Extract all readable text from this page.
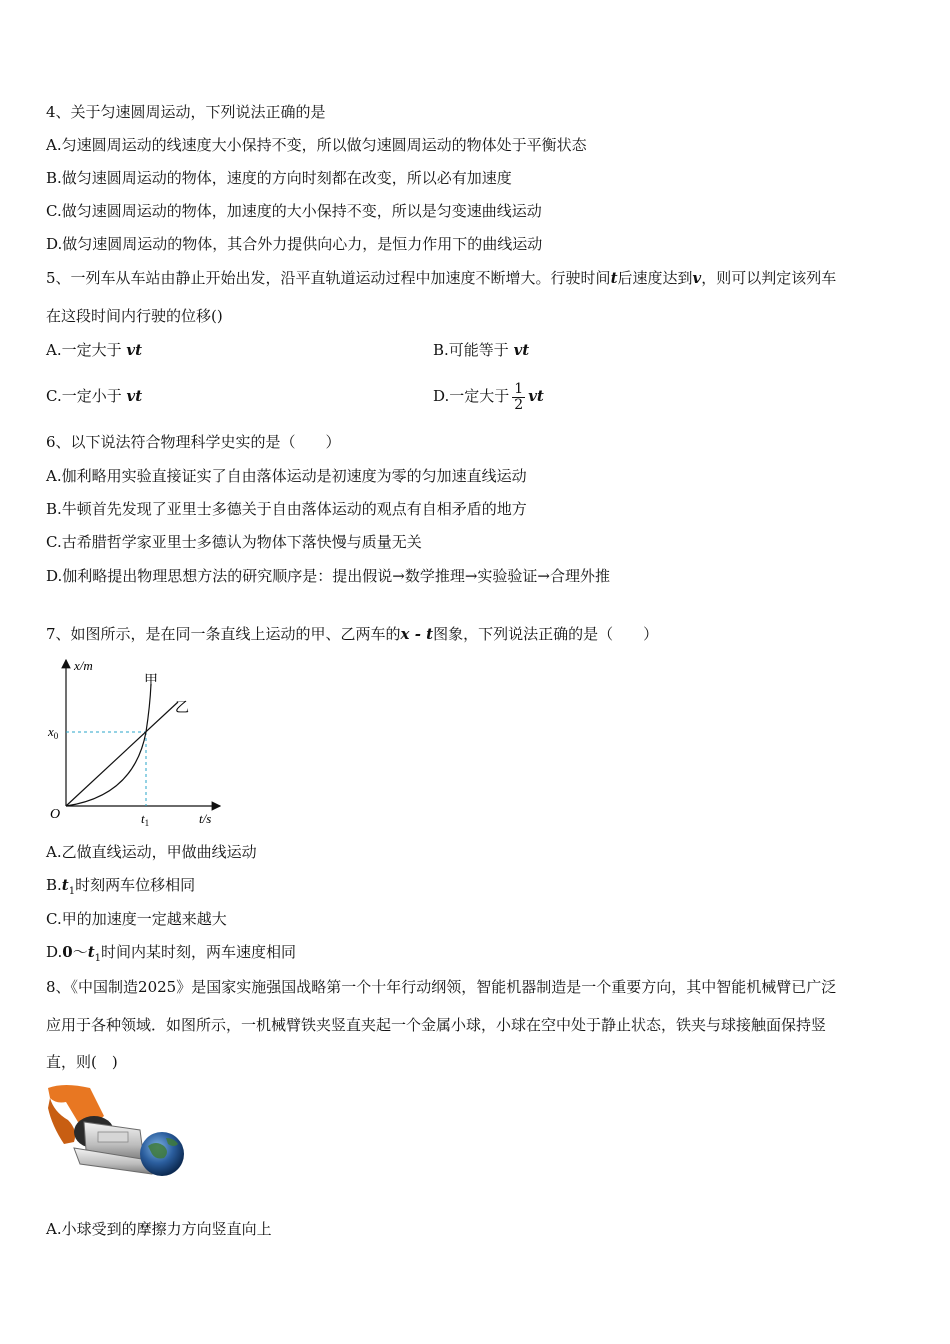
4、关于匀速圆周运动，下列说法正确的是
A.匀速圆周运动的线速度大小保持不变，所以做匀速圆周运动的物体处于平衡状态
B.做匀速圆周运动的物体，速度的方向时刻都在改变，所以必有加速度
C.做匀速圆周运动的物体，加速度的大小保持不变，所以是匀变速曲线运动
D.做匀速圆周运动的物体，其合外力提供向心力，是恒力作用下的曲线运动
5、一列车从车站由静止开始出发，沿平直轨道运动过程中加速度不断增大。行驶时间t后速度达到v，则可以判定该列车
在这段时间内行驶的位移()
A.一定大于 vt	B.可能等于 vt
C.一定小于 vt	D.一定大于 $\frac{1}{2}$ vt
6、以下说法符合物理科学史实的是（　　）
A.伽利略用实验直接证实了自由落体运动是初速度为零的匀加速直线运动
B.牛顿首先发现了亚里士多德关于自由落体运动的观点有自相矛盾的地方
C.古希腊哲学家亚里士多德认为物体下落快慢与质量无关
D.伽利略提出物理思想方法的研究顺序是：提出假说→数学推理→实验验证→合理外推
7、如图所示，是在同一条直线上运动的甲、乙两车的x - t图象，下列说法正确的是（　　）
x/m
t/s
O
$x_0$
$t_1$
甲
乙
A.乙做直线运动，甲做曲线运动
$B.t_1$时刻两车位移相同
C.甲的加速度一定越来越大
$D.0\sim t_1$时间内某时刻，两车速度相同
8、《中国制造2025》是国家实施强国战略第一个十年行动纲领，智能机器制造是一个重要方向，其中智能机械臂已广泛
应用于各种领域．如图所示，一机械臂铁夹竖直夹起一个金属小球，小球在空中处于静止状态，铁夹与球接触面保持竖
直，则(　)
A.小球受到的摩擦力方向竖直向上
